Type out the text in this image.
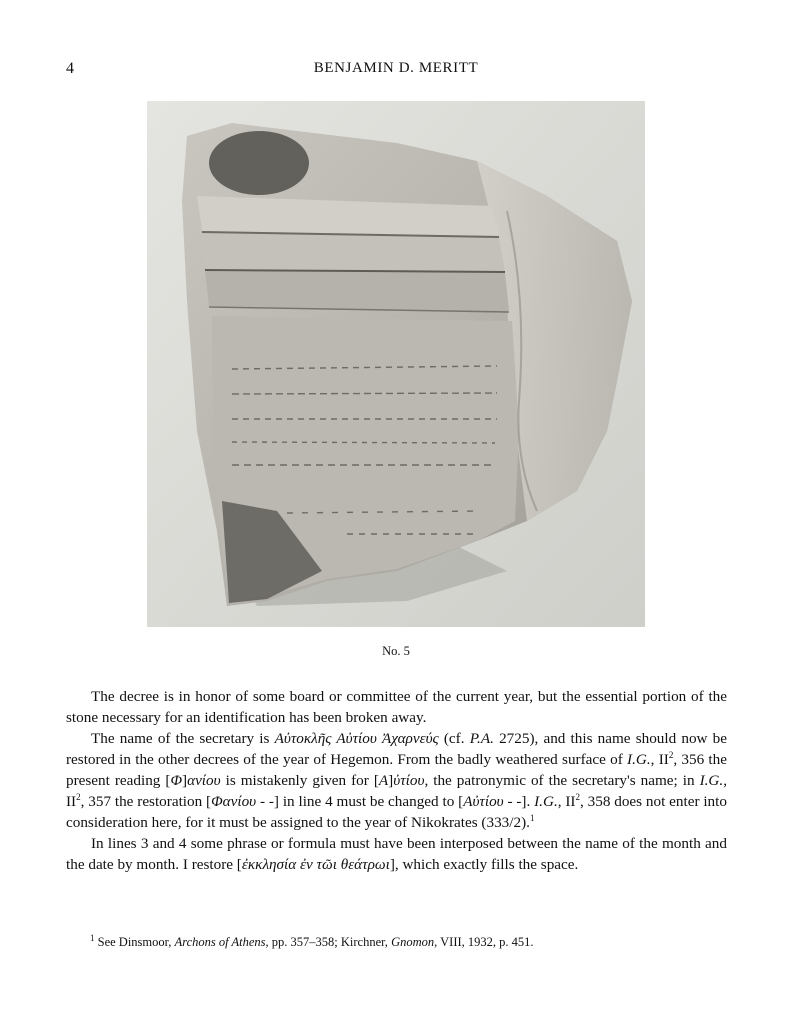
4	BENJAMIN D. MERITT
No. 5

The decree is in honor of some board or committee of the current year, but the essential portion of the stone necessary for an identification has been broken away.

The name of the secretary is Αὐτοκλῆς Αὐτίου Ἀχαρνεύς (cf. P.A. 2725), and this name should now be restored in the other decrees of the year of Hegemon. From the badly weathered surface of I.G., $II^2$, 356 the present reading [Φ]ανίου is mistakenly given for [Α]ὐτίου, the patronymic of the secretary's name; in I.G., $II^2$, 357 the restoration [Φανίου - -] in line 4 must be changed to [Αὐτίου - -]. I.G., $II^2$, 358 does not enter into consideration here, for it must be assigned to the year of Nikokrates (333/2).$^1$

In lines 3 and 4 some phrase or formula must have been interposed between the name of the month and the date by month. I restore [ἐκκλησία ἐν τῶι θεάτρωι], which exactly fills the space.

$^1$ See Dinsmoor, Archons of Athens, pp. 357–358; Kirchner, Gnomon, VIII, 1932, p. 451.
